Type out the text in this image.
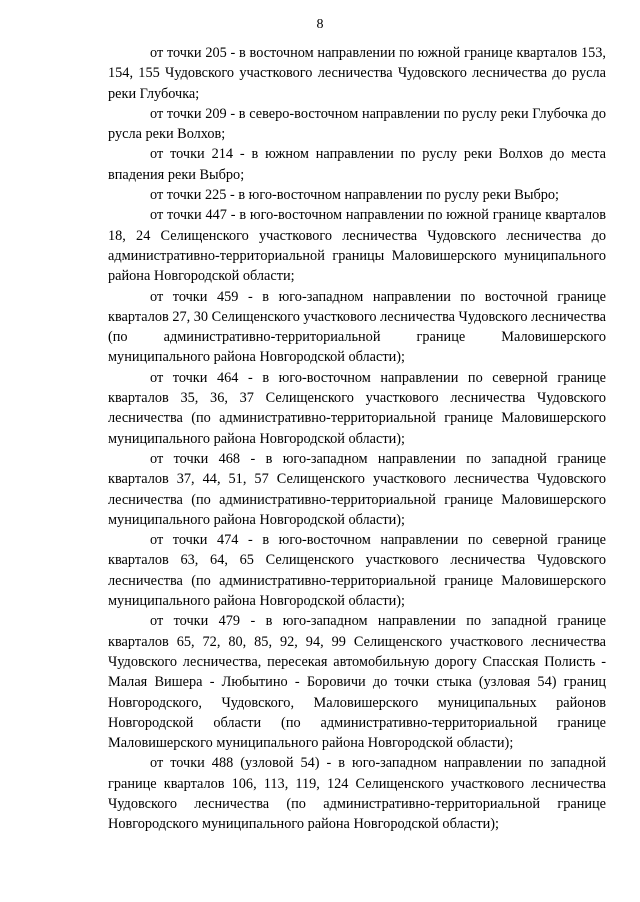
8

от точки 205 - в восточном направлении по южной границе кварталов 153, 154, 155 Чудовского участкового лесничества Чудовского лесничества до русла реки Глубочка;

от точки 209 - в северо-восточном направлении по руслу реки Глубочка до русла реки Волхов;

от точки 214 - в южном направлении по руслу реки Волхов до места впадения реки Выбро;

от точки 225 - в юго-восточном направлении по руслу реки Выбро;

от точки 447 - в юго-восточном направлении по южной границе кварталов 18, 24 Селищенского участкового лесничества Чудовского лесничества до административно-территориальной границы Маловишерского муниципального района Новгородской области;

от точки 459 - в юго-западном направлении по восточной границе кварталов 27, 30 Селищенского участкового лесничества Чудовского лесничества (по административно-территориальной границе Маловишерского муниципального района Новгородской области);

от точки 464 - в юго-восточном направлении по северной границе кварталов 35, 36, 37 Селищенского участкового лесничества Чудовского лесничества (по административно-территориальной границе Маловишерского муниципального района Новгородской области);

от точки 468 - в юго-западном направлении по западной границе кварталов 37, 44, 51, 57 Селищенского участкового лесничества Чудовского лесничества (по административно-территориальной границе Маловишерского муниципального района Новгородской области);

от точки 474 - в юго-восточном направлении по северной границе кварталов 63, 64, 65 Селищенского участкового лесничества Чудовского лесничества (по административно-территориальной границе Маловишерского муниципального района Новгородской области);

от точки 479 - в юго-западном направлении по западной границе кварталов 65, 72, 80, 85, 92, 94, 99 Селищенского участкового лесничества Чудовского лесничества, пересекая автомобильную дорогу Спасская Полисть - Малая Вишера - Любытино - Боровичи до точки стыка (узловая 54) границ Новгородского, Чудовского, Маловишерского муниципальных районов Новгородской области (по административно-территориальной границе Маловишерского муниципального района Новгородской области);

от точки 488 (узловой 54) - в юго-западном направлении по западной границе кварталов 106, 113, 119, 124 Селищенского участкового лесничества Чудовского лесничества (по административно-территориальной границе Новгородского муниципального района Новгородской области);
